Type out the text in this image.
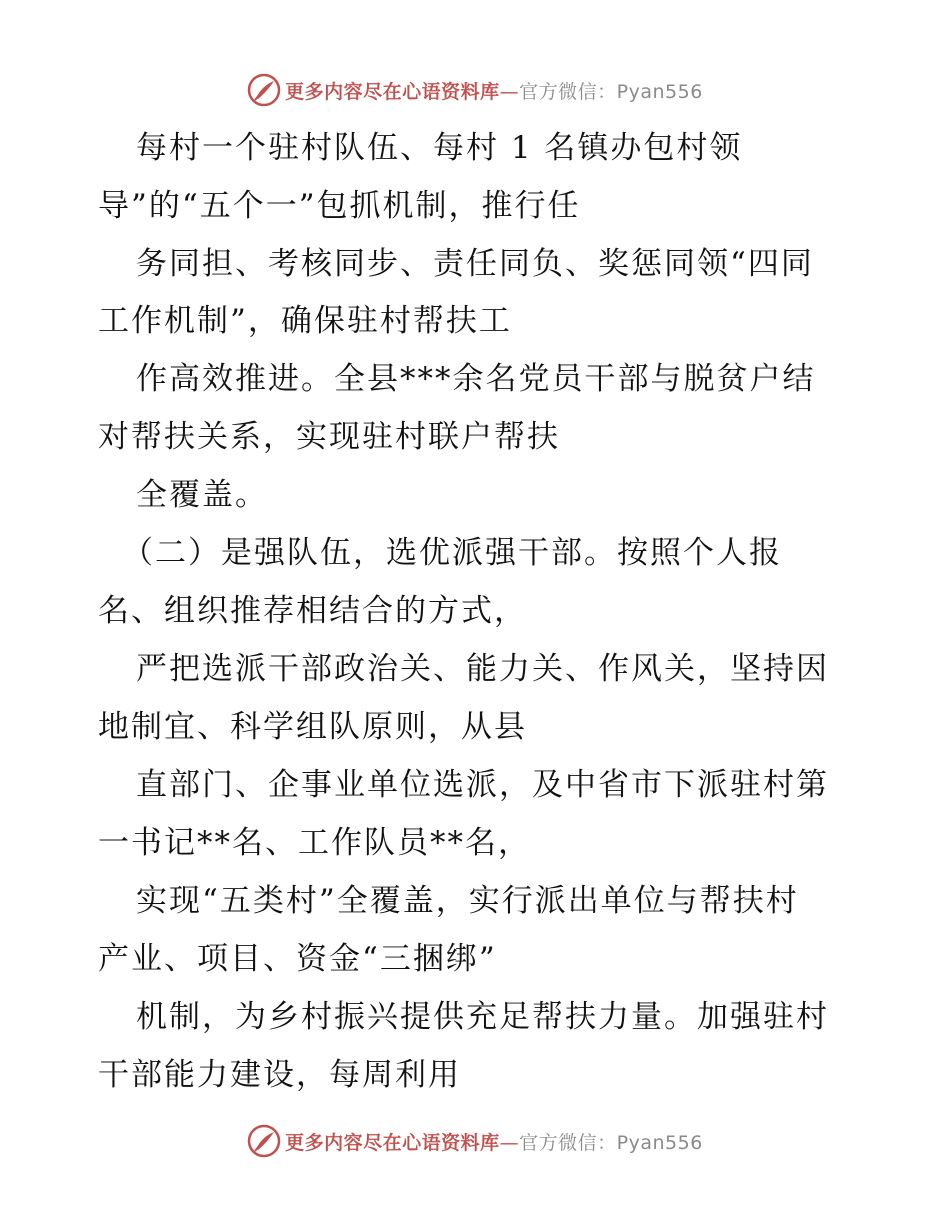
更多内容尽在心语资料库—官方微信：Pyan556
每村一个驻村队伍、每村 1 名镇办包村领
导”的“五个一”包抓机制，推行任
务同担、考核同步、责任同负、奖惩同领“四同
工作机制”，确保驻村帮扶工
作高效推进。全县***余名党员干部与脱贫户结
对帮扶关系，实现驻村联户帮扶
全覆盖。
（二）是强队伍，选优派强干部。按照个人报
名、组织推荐相结合的方式，
严把选派干部政治关、能力关、作风关，坚持因
地制宜、科学组队原则，从县
直部门、企事业单位选派，及中省市下派驻村第
一书记**名、工作队员**名，
实现“五类村”全覆盖，实行派出单位与帮扶村
产业、项目、资金“三捆绑”
机制，为乡村振兴提供充足帮扶力量。加强驻村
干部能力建设，每周利用
更多内容尽在心语资料库—官方微信：Pyan556
